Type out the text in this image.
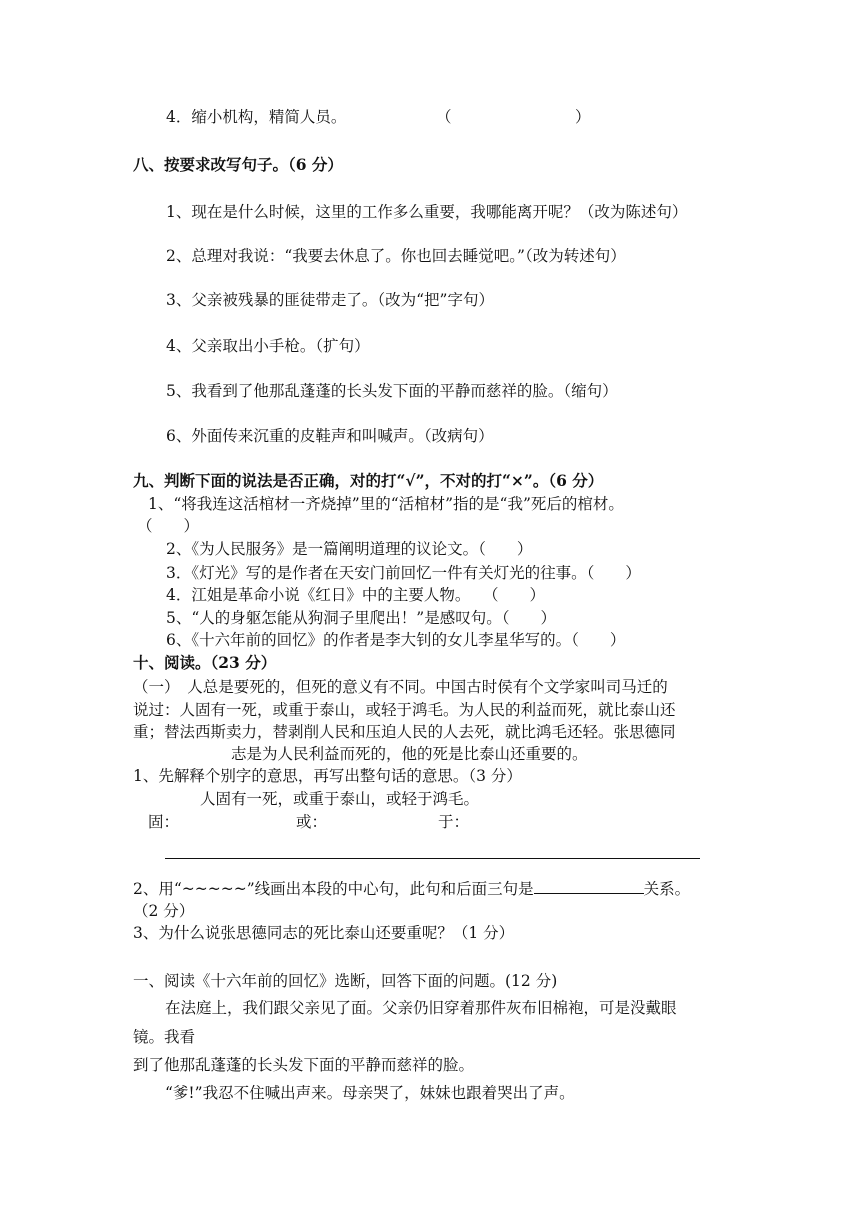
4．缩小机构，精简人员。	（	）
八、按要求改写句子。（6 分）
1、现在是什么时候，这里的工作多么重要，我哪能离开呢？（改为陈述句）
2、总理对我说：“我要去休息了。你也回去睡觉吧。”（改为转述句）
3、父亲被残暴的匪徒带走了。（改为“把”字句）
4、父亲取出小手枪。（扩句）
5、我看到了他那乱蓬蓬的长头发下面的平静而慈祥的脸。（缩句）
6、外面传来沉重的皮鞋声和叫喊声。（改病句）
九、判断下面的说法是否正确，对的打“√”，不对的打“×”。（6 分）
1、“将我连这活棺材一齐烧掉”里的“活棺材”指的是“我”死后的棺材。
（　　）
2、《为人民服务》是一篇阐明道理的议论文。（　　）
3．《灯光》写的是作者在天安门前回忆一件有关灯光的往事。（　　）
4．江姐是革命小说《红日》中的主要人物。　 （　　）
5、“人的身躯怎能从狗洞子里爬出！”是感叹句。（　　）
6、《十六年前的回忆》的作者是李大钊的女儿李星华写的。（　　）
十、阅读。（23 分）
（一）　人总是要死的，但死的意义有不同。中国古时侯有个文学家叫司马迁的
说过：人固有一死，或重于泰山，或轻于鸿毛。为人民的利益而死，就比泰山还
重；替法西斯卖力，替剥削人民和压迫人民的人去死，就比鸿毛还轻。张思德同
志是为人民利益而死的，他的死是比泰山还重要的。
1、先解释个别字的意思，再写出整句话的意思。（3 分）
人固有一死，或重于泰山，或轻于鸿毛。
固：	或：	于：
2、用“~~~~~”线画出本段的中心句，此句和后面三句是	关系。
（2 分）
3、为什么说张思德同志的死比泰山还要重呢？（1 分）
一、阅读《十六年前的回忆》选断，回答下面的问题。(12 分)
在法庭上，我们跟父亲见了面。父亲仍旧穿着那件灰布旧棉袍，可是没戴眼
镜。我看
到了他那乱蓬蓬的长头发下面的平静而慈祥的脸。
“爹!”我忍不住喊出声来。母亲哭了，妹妹也跟着哭出了声。
